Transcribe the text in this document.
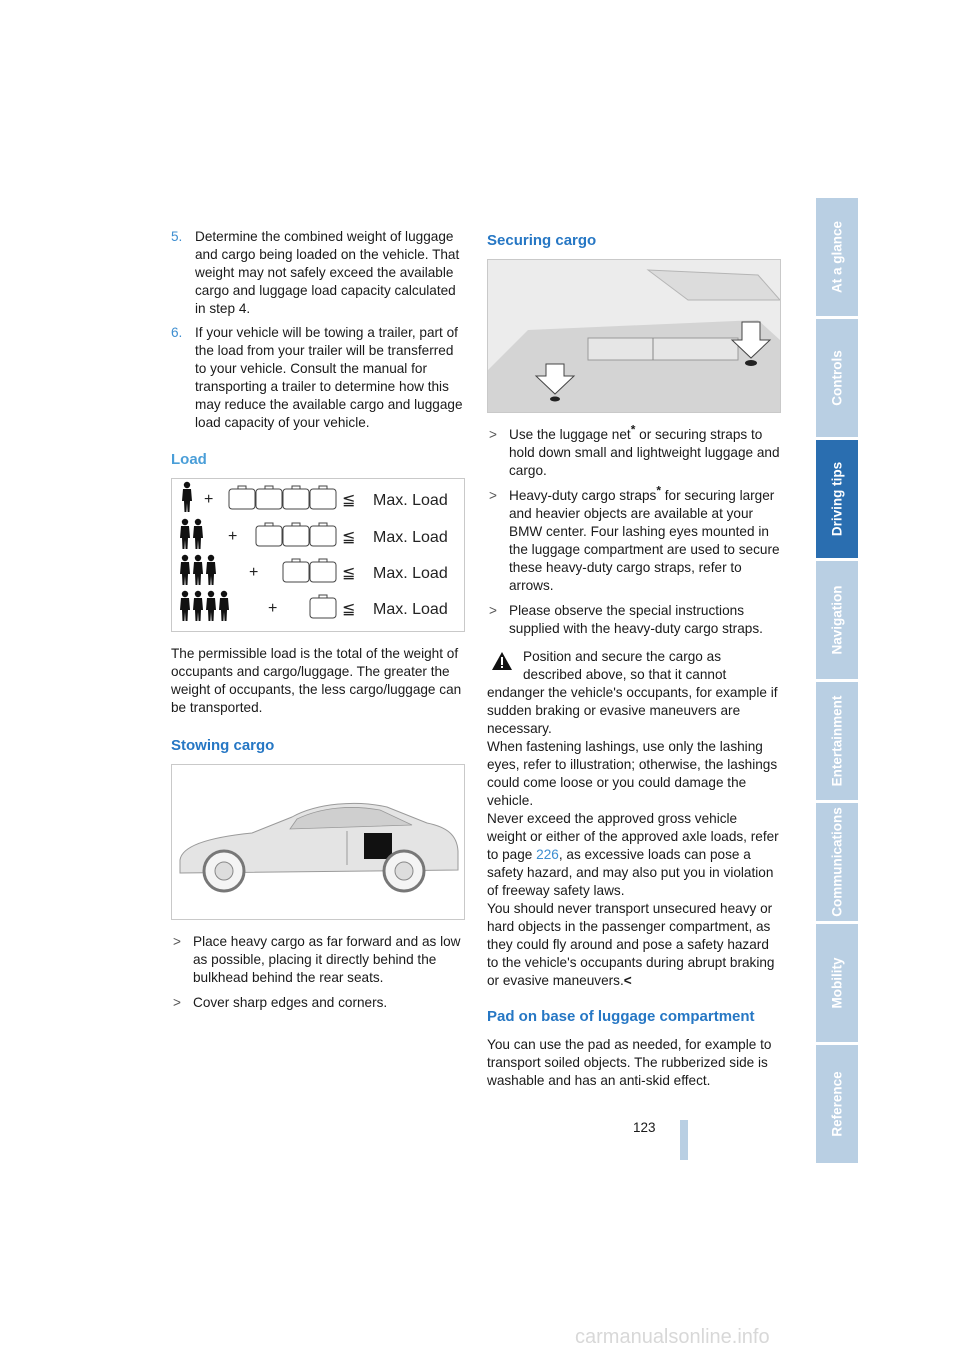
5. Determine the combined weight of luggage and cargo being loaded on the vehicle. That weight may not safely exceed the available cargo and luggage load capacity calculated in step 4.
6. If your vehicle will be towing a trailer, part of the load from your trailer will be transferred to your vehicle. Consult the manual for transporting a trailer to determine how this may reduce the available cargo and luggage load capacity of your vehicle.
Load
+	≦ Max. Load
+	≦ Max. Load
+	≦ Max. Load
+	≦ Max. Load

The permissible load is the total of the weight of occupants and cargo/luggage. The greater the weight of occupants, the less cargo/luggage can be transported.

Stowing cargo
> Place heavy cargo as far forward and as low as possible, placing it directly behind the bulkhead behind the rear seats.
> Cover sharp edges and corners.
Securing cargo
> Use the luggage net* or securing straps to hold down small and lightweight luggage and cargo.
> Heavy-duty cargo straps* for securing larger and heavier objects are available at your BMW center. Four lashing eyes mounted in the luggage compartment are used to secure these heavy-duty cargo straps, refer to arrows.
> Please observe the special instructions supplied with the heavy-duty cargo straps.

Position and secure the cargo as described above, so that it cannot endanger the vehicle's occupants, for example if sudden braking or evasive maneuvers are necessary.

When fastening lashings, use only the lashing eyes, refer to illustration; otherwise, the lashings could come loose or you could damage the vehicle.

Never exceed the approved gross vehicle weight or either of the approved axle loads, refer to page 226, as excessive loads can pose a safety hazard, and may also put you in violation of freeway safety laws.

You should never transport unsecured heavy or hard objects in the passenger compartment, as they could fly around and pose a safety hazard to the vehicle's occupants during abrupt braking or evasive maneuvers.<

Pad on base of luggage compartment

You can use the pad as needed, for example to transport soiled objects. The rubberized side is washable and has an anti-skid effect.

At a glance
Controls
Driving tips
Navigation
Entertainment
Communications
Mobility
Reference
123
carmanualsonline.info
